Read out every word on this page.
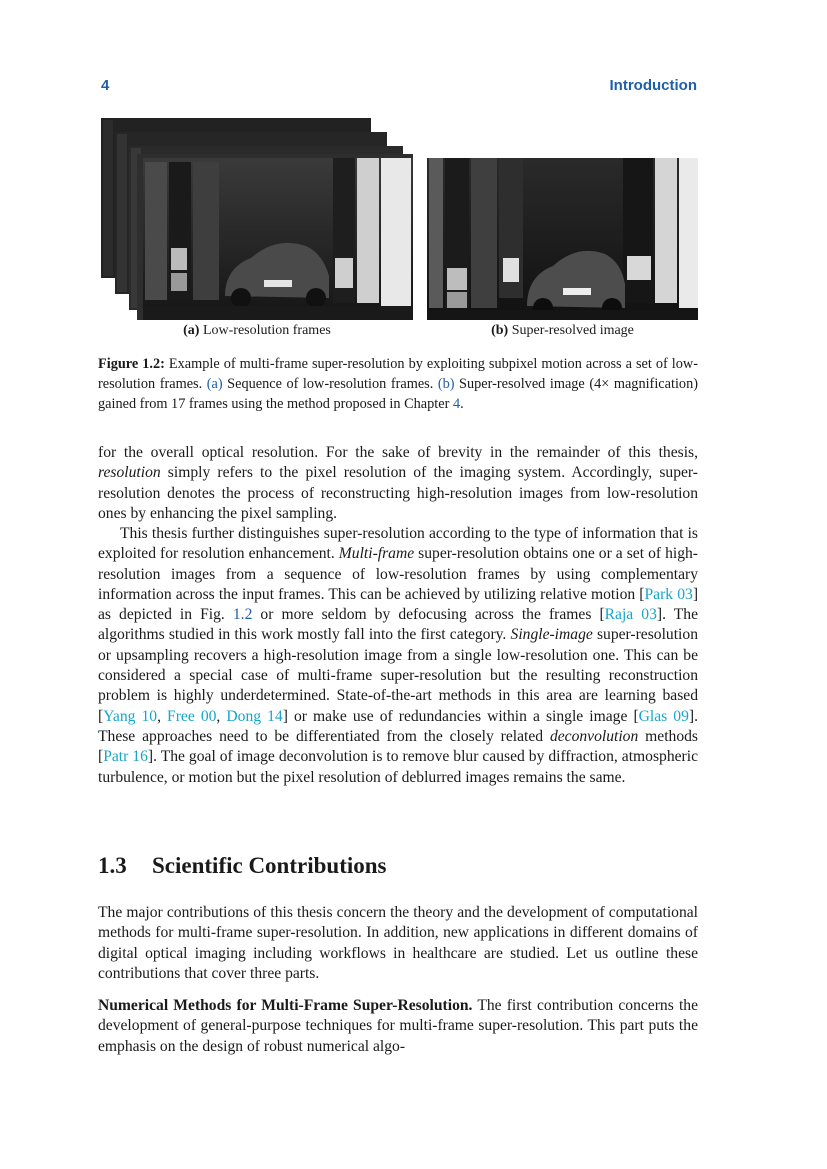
4	Introduction
(a) Low-resolution frames	(b) Super-resolved image
Figure 1.2: Example of multi-frame super-resolution by exploiting subpixel motion across a set of low-resolution frames. (a) Sequence of low-resolution frames. (b) Super-resolved image (4× magnification) gained from 17 frames using the method proposed in Chapter 4.
for the overall optical resolution. For the sake of brevity in the remainder of this thesis, resolution simply refers to the pixel resolution of the imaging system. Accordingly, super-resolution denotes the process of reconstructing high-resolution images from low-resolution ones by enhancing the pixel sampling.
This thesis further distinguishes super-resolution according to the type of information that is exploited for resolution enhancement. Multi-frame super-resolution obtains one or a set of high-resolution images from a sequence of low-resolution frames by using complementary information across the input frames. This can be achieved by utilizing relative motion [Park 03] as depicted in Fig. 1.2 or more seldom by defocusing across the frames [Raja 03]. The algorithms studied in this work mostly fall into the first category. Single-image super-resolution or upsampling recovers a high-resolution image from a single low-resolution one. This can be considered a special case of multi-frame super-resolution but the resulting reconstruction problem is highly underdetermined. State-of-the-art methods in this area are learning based [Yang 10, Free 00, Dong 14] or make use of redundancies within a single image [Glas 09]. These approaches need to be differentiated from the closely related deconvolution methods [Patr 16]. The goal of image deconvolution is to remove blur caused by diffraction, atmospheric turbulence, or motion but the pixel resolution of deblurred images remains the same.
1.3 Scientific Contributions
The major contributions of this thesis concern the theory and the development of computational methods for multi-frame super-resolution. In addition, new applications in different domains of digital optical imaging including workflows in healthcare are studied. Let us outline these contributions that cover three parts.
Numerical Methods for Multi-Frame Super-Resolution. The first contribution concerns the development of general-purpose techniques for multi-frame super-resolution. This part puts the emphasis on the design of robust numerical algo-
